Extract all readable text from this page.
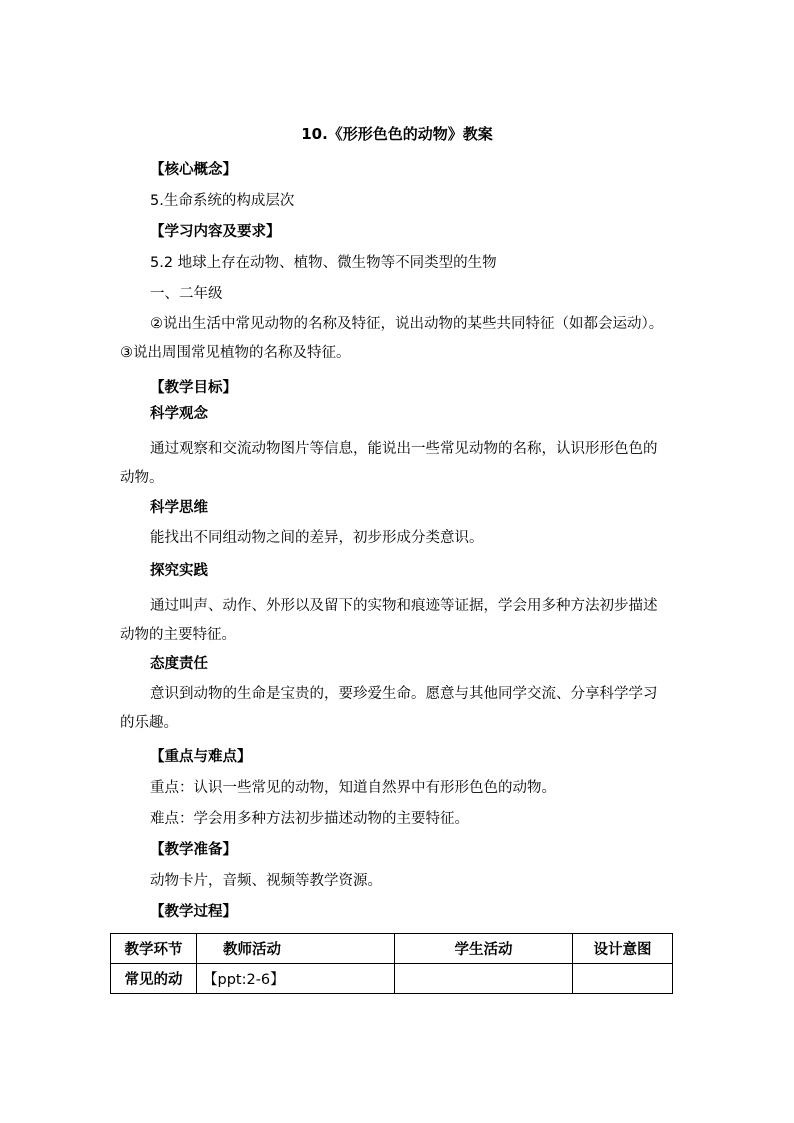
10.《形形色色的动物》教案
【核心概念】
5.生命系统的构成层次
【学习内容及要求】
5.2 地球上存在动物、植物、微生物等不同类型的生物
一、二年级
②说出生活中常见动物的名称及特征，说出动物的某些共同特征（如都会运动）。③说出周围常见植物的名称及特征。
【教学目标】
科学观念
通过观察和交流动物图片等信息，能说出一些常见动物的名称，认识形形色色的动物。
科学思维
能找出不同组动物之间的差异，初步形成分类意识。
探究实践
通过叫声、动作、外形以及留下的实物和痕迹等证据，学会用多种方法初步描述动物的主要特征。
态度责任
意识到动物的生命是宝贵的，要珍爱生命。愿意与其他同学交流、分享科学学习的乐趣。
【重点与难点】
重点：认识一些常见的动物，知道自然界中有形形色色的动物。
难点：学会用多种方法初步描述动物的主要特征。
【教学准备】
动物卡片，音频、视频等教学资源。
【教学过程】
教学环节	教师活动	学生活动	设计意图
常见的动	【ppt:2-6】		
